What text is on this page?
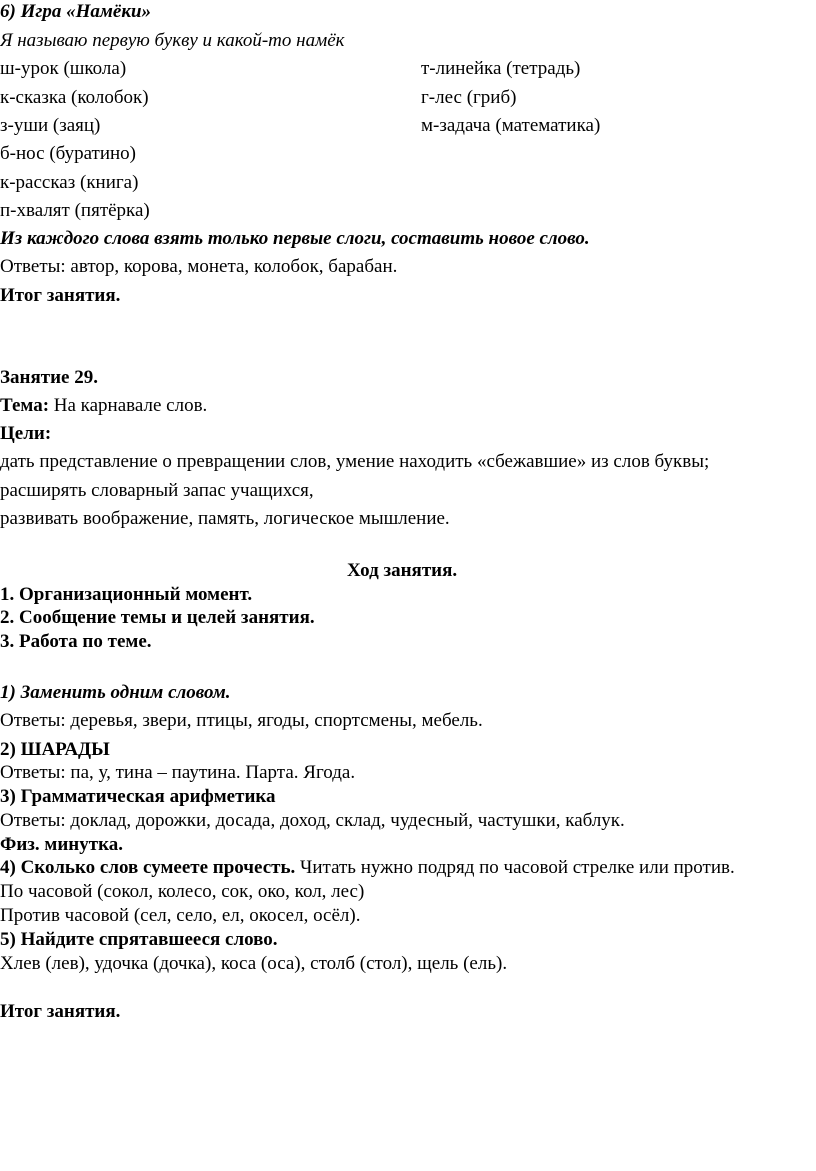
6) Игра «Намёки»
Я называю первую букву и какой-то намёк
ш-урок (школа)	т-линейка (тетрадь)
к-сказка (колобок)	г-лес (гриб)
з-уши (заяц)	м-задача (математика)
б-нос (буратино)
к-рассказ (книга)
п-хвалят (пятёрка)
Из каждого слова взять только первые слоги, составить новое слово.
Ответы: автор, корова, монета, колобок, барабан.
Итог занятия.
Занятие 29.
Тема: На карнавале слов.
Цели:
дать представление о превращении слов, умение находить «сбежавшие» из слов буквы;
расширять словарный запас учащихся,
развивать воображение, память, логическое мышление.
Ход занятия.
1. Организационный момент.
2. Сообщение темы и целей занятия.
3. Работа по теме.
1) Заменить одним словом.
Ответы: деревья, звери, птицы, ягоды, спортсмены, мебель.
2) ШАРАДЫ
Ответы: па, у, тина – паутина. Парта. Ягода.
3) Грамматическая арифметика
Ответы: доклад, дорожки, досада, доход, склад, чудесный, частушки, каблук.
Физ. минутка.
4) Сколько слов сумеете прочесть. Читать нужно подряд по часовой стрелке или против.
По часовой (сокол, колесо, сок, око, кол, лес)
Против часовой (сел, село, ел, окосел, осёл).
5) Найдите спрятавшееся слово.
Хлев (лев), удочка (дочка), коса (оса), столб (стол), щель (ель).
Итог занятия.
